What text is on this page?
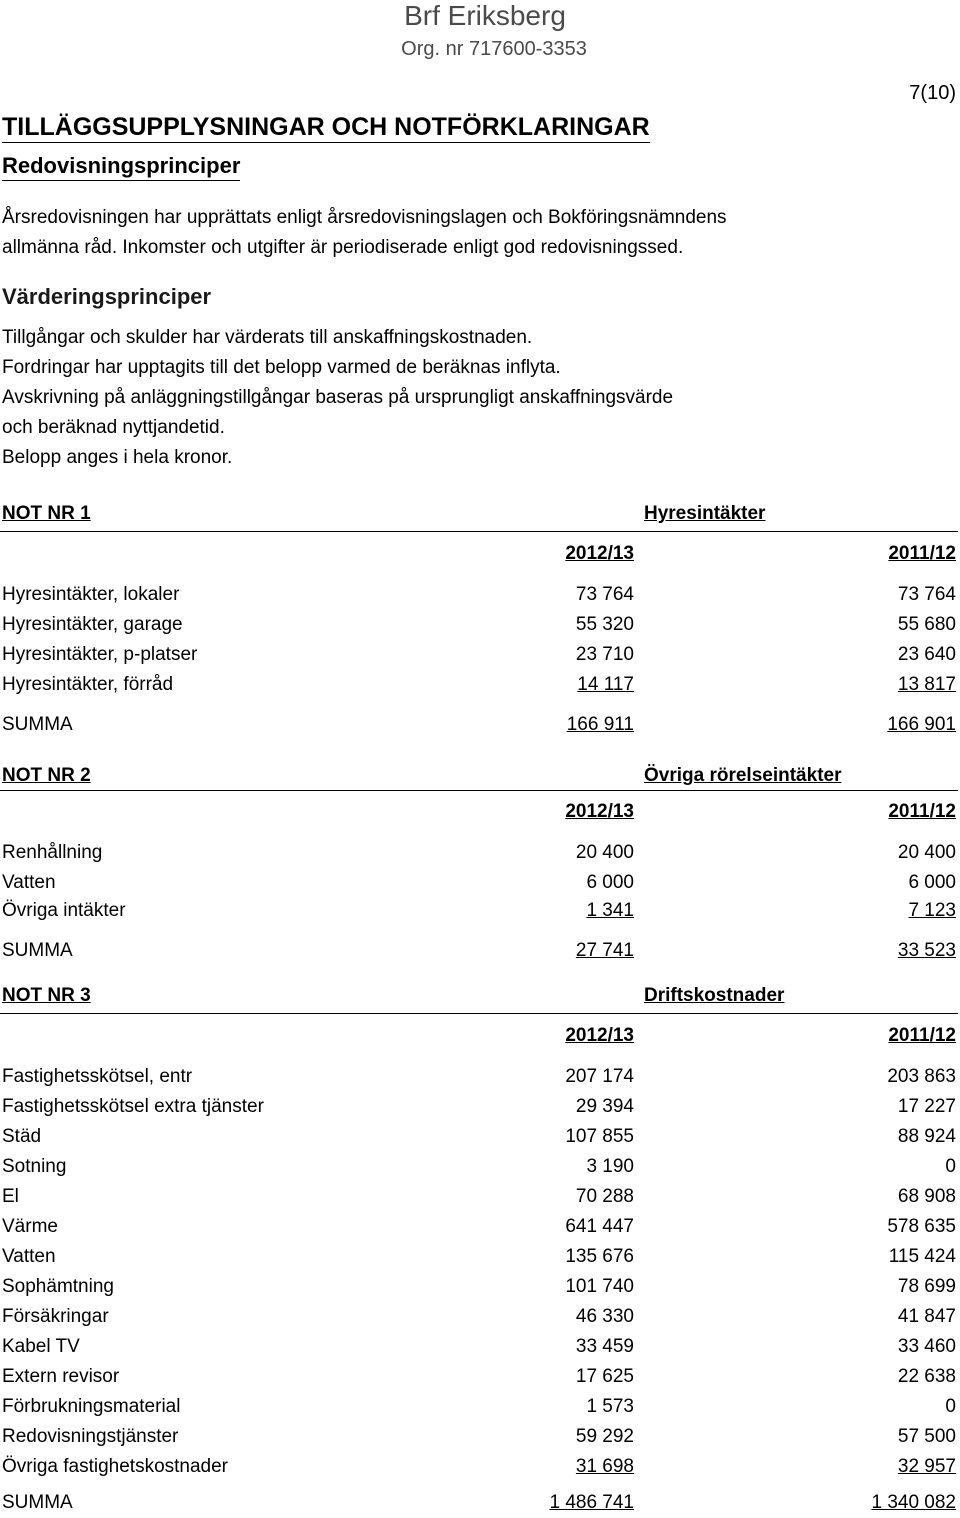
Brf Eriksberg
Org. nr 717600-3353
7(10)
TILLÄGGSUPPLYSNINGAR OCH NOTFÖRKLARINGAR
Redovisningsprinciper
Årsredovisningen har upprättats enligt årsredovisningslagen och Bokföringsnämndens
allmänna råd. Inkomster och utgifter är periodiserade enligt god redovisningssed.
Värderingsprinciper
Tillgångar och skulder har värderats till anskaffningskostnaden.
Fordringar har upptagits till det belopp varmed de beräknas inflyta.
Avskrivning på anläggningstillgångar baseras på ursprungligt anskaffningsvärde
och beräknad nyttjandetid.
Belopp anges i hela kronor.
NOT NR 1	Hyresintäkter
2012/13	2011/12
Hyresintäkter, lokaler	73 764	73 764
Hyresintäkter, garage	55 320	55 680
Hyresintäkter, p-platser	23 710	23 640
Hyresintäkter, förråd	14 117	13 817
SUMMA	166 911	166 901
NOT NR 2	Övriga rörelseintäkter
2012/13	2011/12
Renhållning	20 400	20 400
Vatten	6 000	6 000
Övriga intäkter	1 341	7 123
SUMMA	27 741	33 523
NOT NR 3	Driftskostnader
2012/13	2011/12
Fastighetsskötsel, entr	207 174	203 863
Fastighetsskötsel extra tjänster	29 394	17 227
Städ	107 855	88 924
Sotning	3 190	0
El	70 288	68 908
Värme	641 447	578 635
Vatten	135 676	115 424
Sophämtning	101 740	78 699
Försäkringar	46 330	41 847
Kabel TV	33 459	33 460
Extern revisor	17 625	22 638
Förbrukningsmaterial	1 573	0
Redovisningstjänster	59 292	57 500
Övriga fastighetskostnader	31 698	32 957
SUMMA	1 486 741	1 340 082
